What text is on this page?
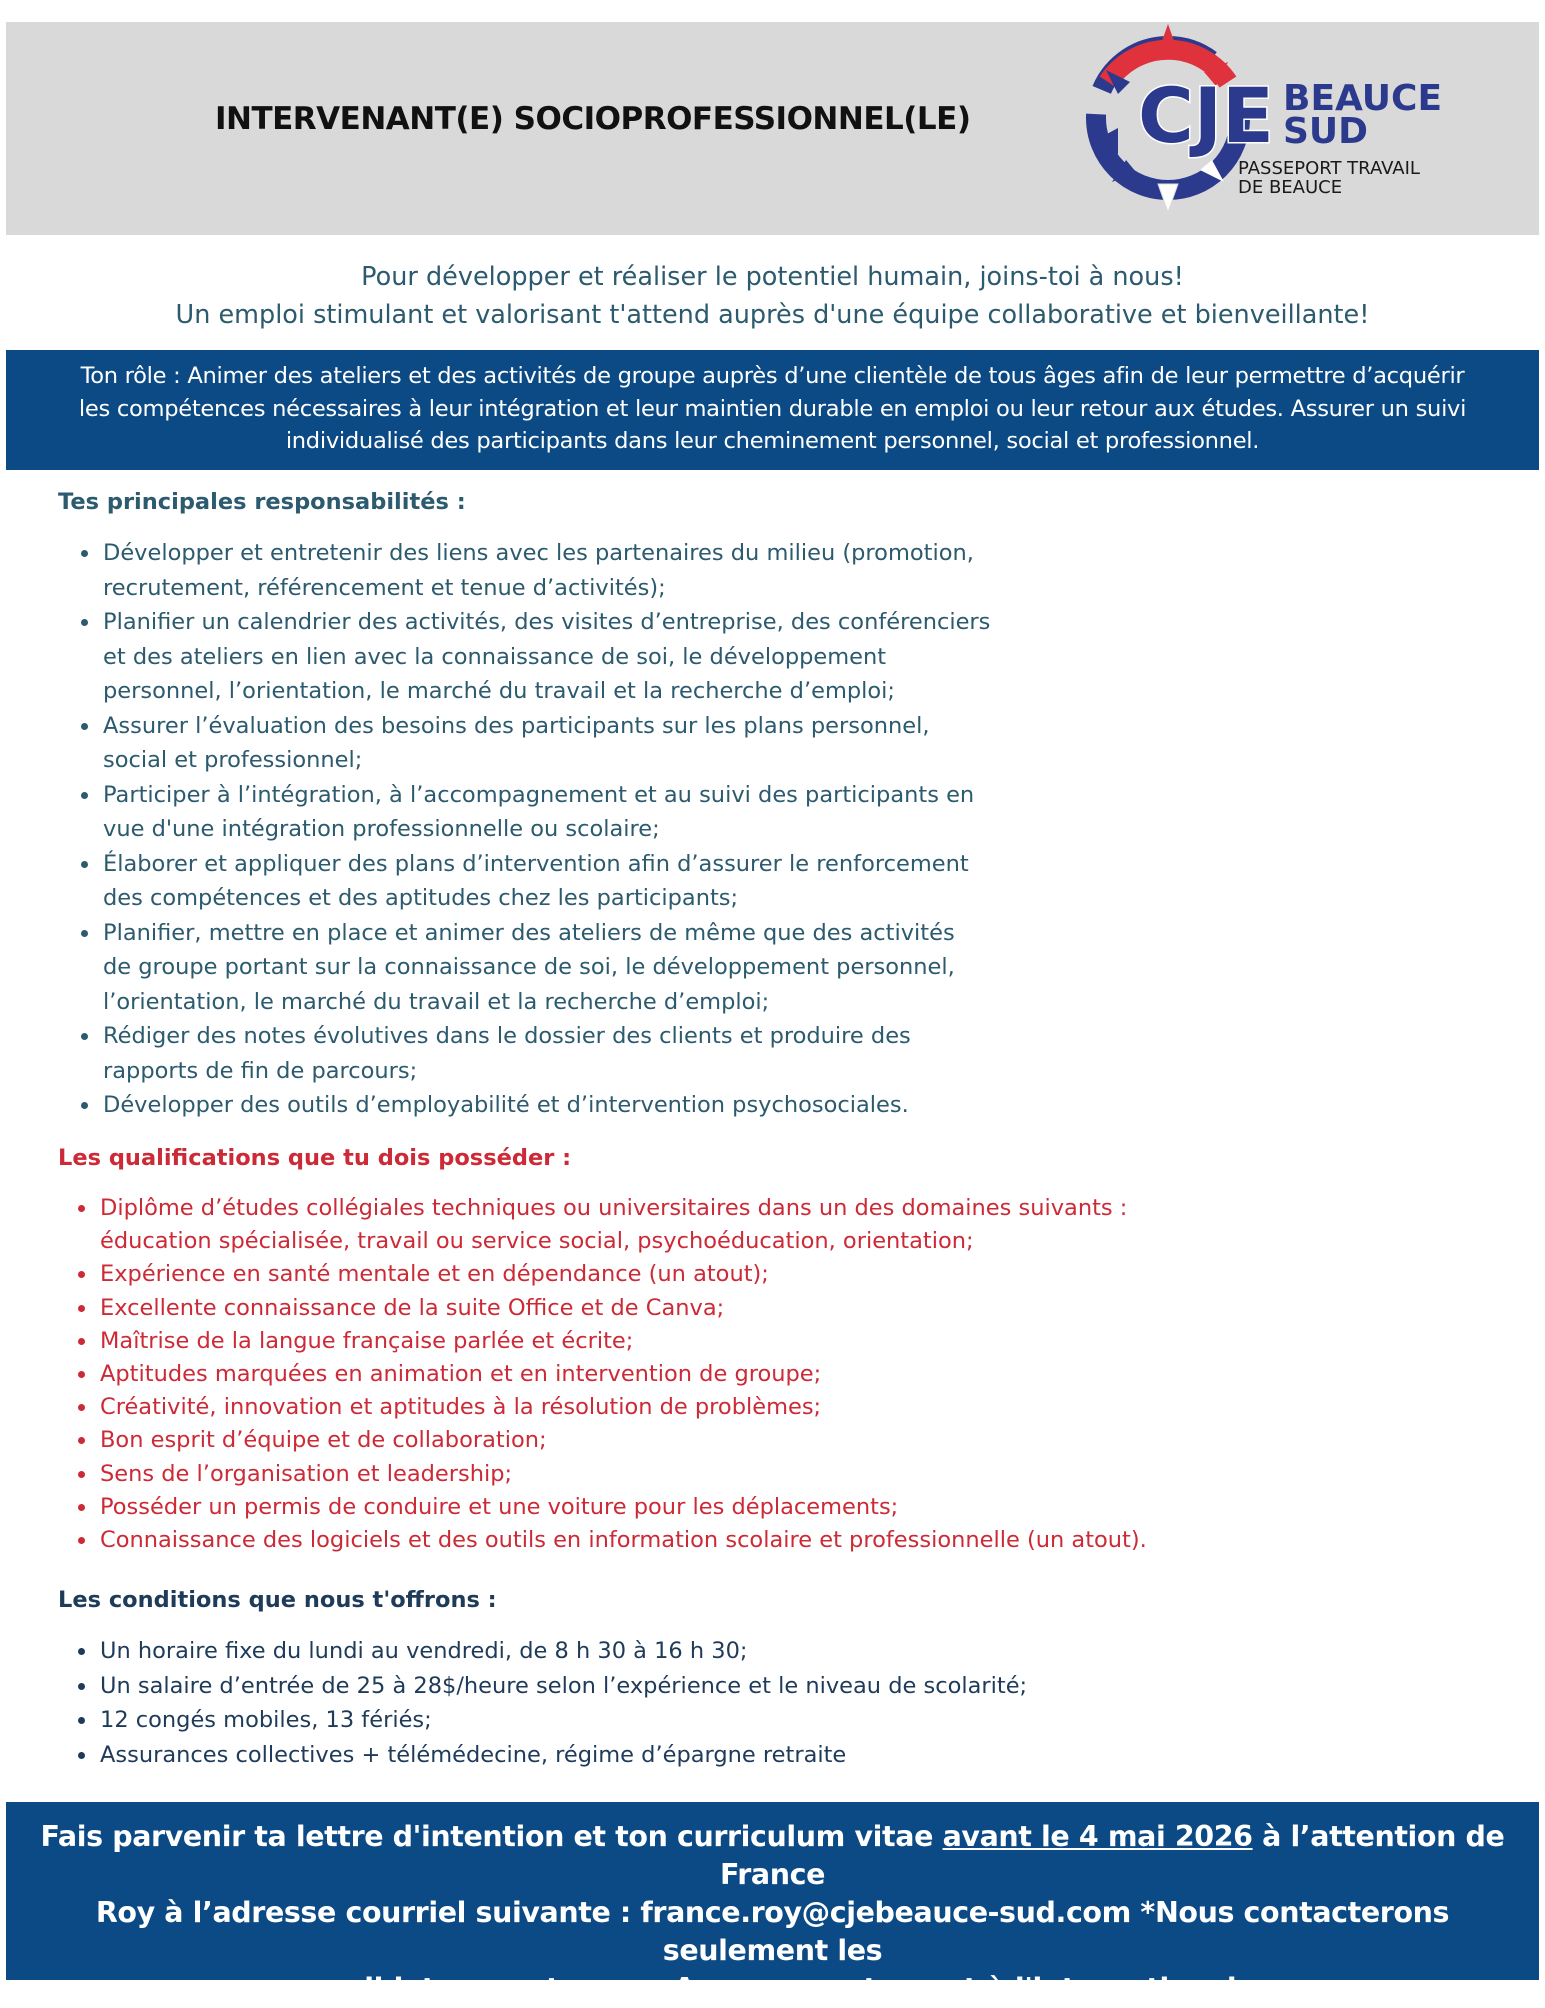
INTERVENANT(E) SOCIOPROFESSIONNEL(LE)	CJE BEAUCE
SUD
PASSEPORT TRAVAIL
DE BEAUCE
Pour développer et réaliser le potentiel humain, joins-toi à nous!
Un emploi stimulant et valorisant t'attend auprès d'une équipe collaborative et bienveillante!
Ton rôle : Animer des ateliers et des activités de groupe auprès d’une clientèle de tous âges afin de leur permettre d’acquérir
les compétences nécessaires à leur intégration et leur maintien durable en emploi ou leur retour aux études. Assurer un suivi
individualisé des participants dans leur cheminement personnel, social et professionnel.
Tes principales responsabilités :
Développer et entretenir des liens avec les partenaires du milieu (promotion,
recrutement, référencement et tenue d’activités);
Planifier un calendrier des activités, des visites d’entreprise, des conférenciers
et des ateliers en lien avec la connaissance de soi, le développement
personnel, l’orientation, le marché du travail et la recherche d’emploi;
Assurer l’évaluation des besoins des participants sur les plans personnel,
social et professionnel;
Participer à l’intégration, à l’accompagnement et au suivi des participants en
vue d'une intégration professionnelle ou scolaire;
Élaborer et appliquer des plans d’intervention afin d’assurer le renforcement
des compétences et des aptitudes chez les participants;
Planifier, mettre en place et animer des ateliers de même que des activités
de groupe portant sur la connaissance de soi, le développement personnel,
l’orientation, le marché du travail et la recherche d’emploi;
Rédiger des notes évolutives dans le dossier des clients et produire des
rapports de fin de parcours;
Développer des outils d’employabilité et d’intervention psychosociales.
Les qualifications que tu dois posséder :
Diplôme d’études collégiales techniques ou universitaires dans un des domaines suivants :
éducation spécialisée, travail ou service social, psychoéducation, orientation;
Expérience en santé mentale et en dépendance (un atout);
Excellente connaissance de la suite Office et de Canva;
Maîtrise de la langue française parlée et écrite;
Aptitudes marquées en animation et en intervention de groupe;
Créativité, innovation et aptitudes à la résolution de problèmes;
Bon esprit d’équipe et de collaboration;
Sens de l’organisation et leadership;
Posséder un permis de conduire et une voiture pour les déplacements;
Connaissance des logiciels et des outils en information scolaire et professionnelle (un atout).
Les conditions que nous t'offrons :
Un horaire fixe du lundi au vendredi, de 8 h 30 à 16 h 30;
Un salaire d’entrée de 25 à 28$/heure selon l’expérience et le niveau de scolarité;
12 congés mobiles, 13 fériés;
Assurances collectives + télémédecine, régime d’épargne retraite
Fais parvenir ta lettre d'intention et ton curriculum vitae avant le 4 mai 2026 à l’attention de France
Roy à l’adresse courriel suivante : france.roy@cjebeauce-sud.com *Nous contacterons seulement les
candidatures retenues. Aucun recrutement à l'international.
